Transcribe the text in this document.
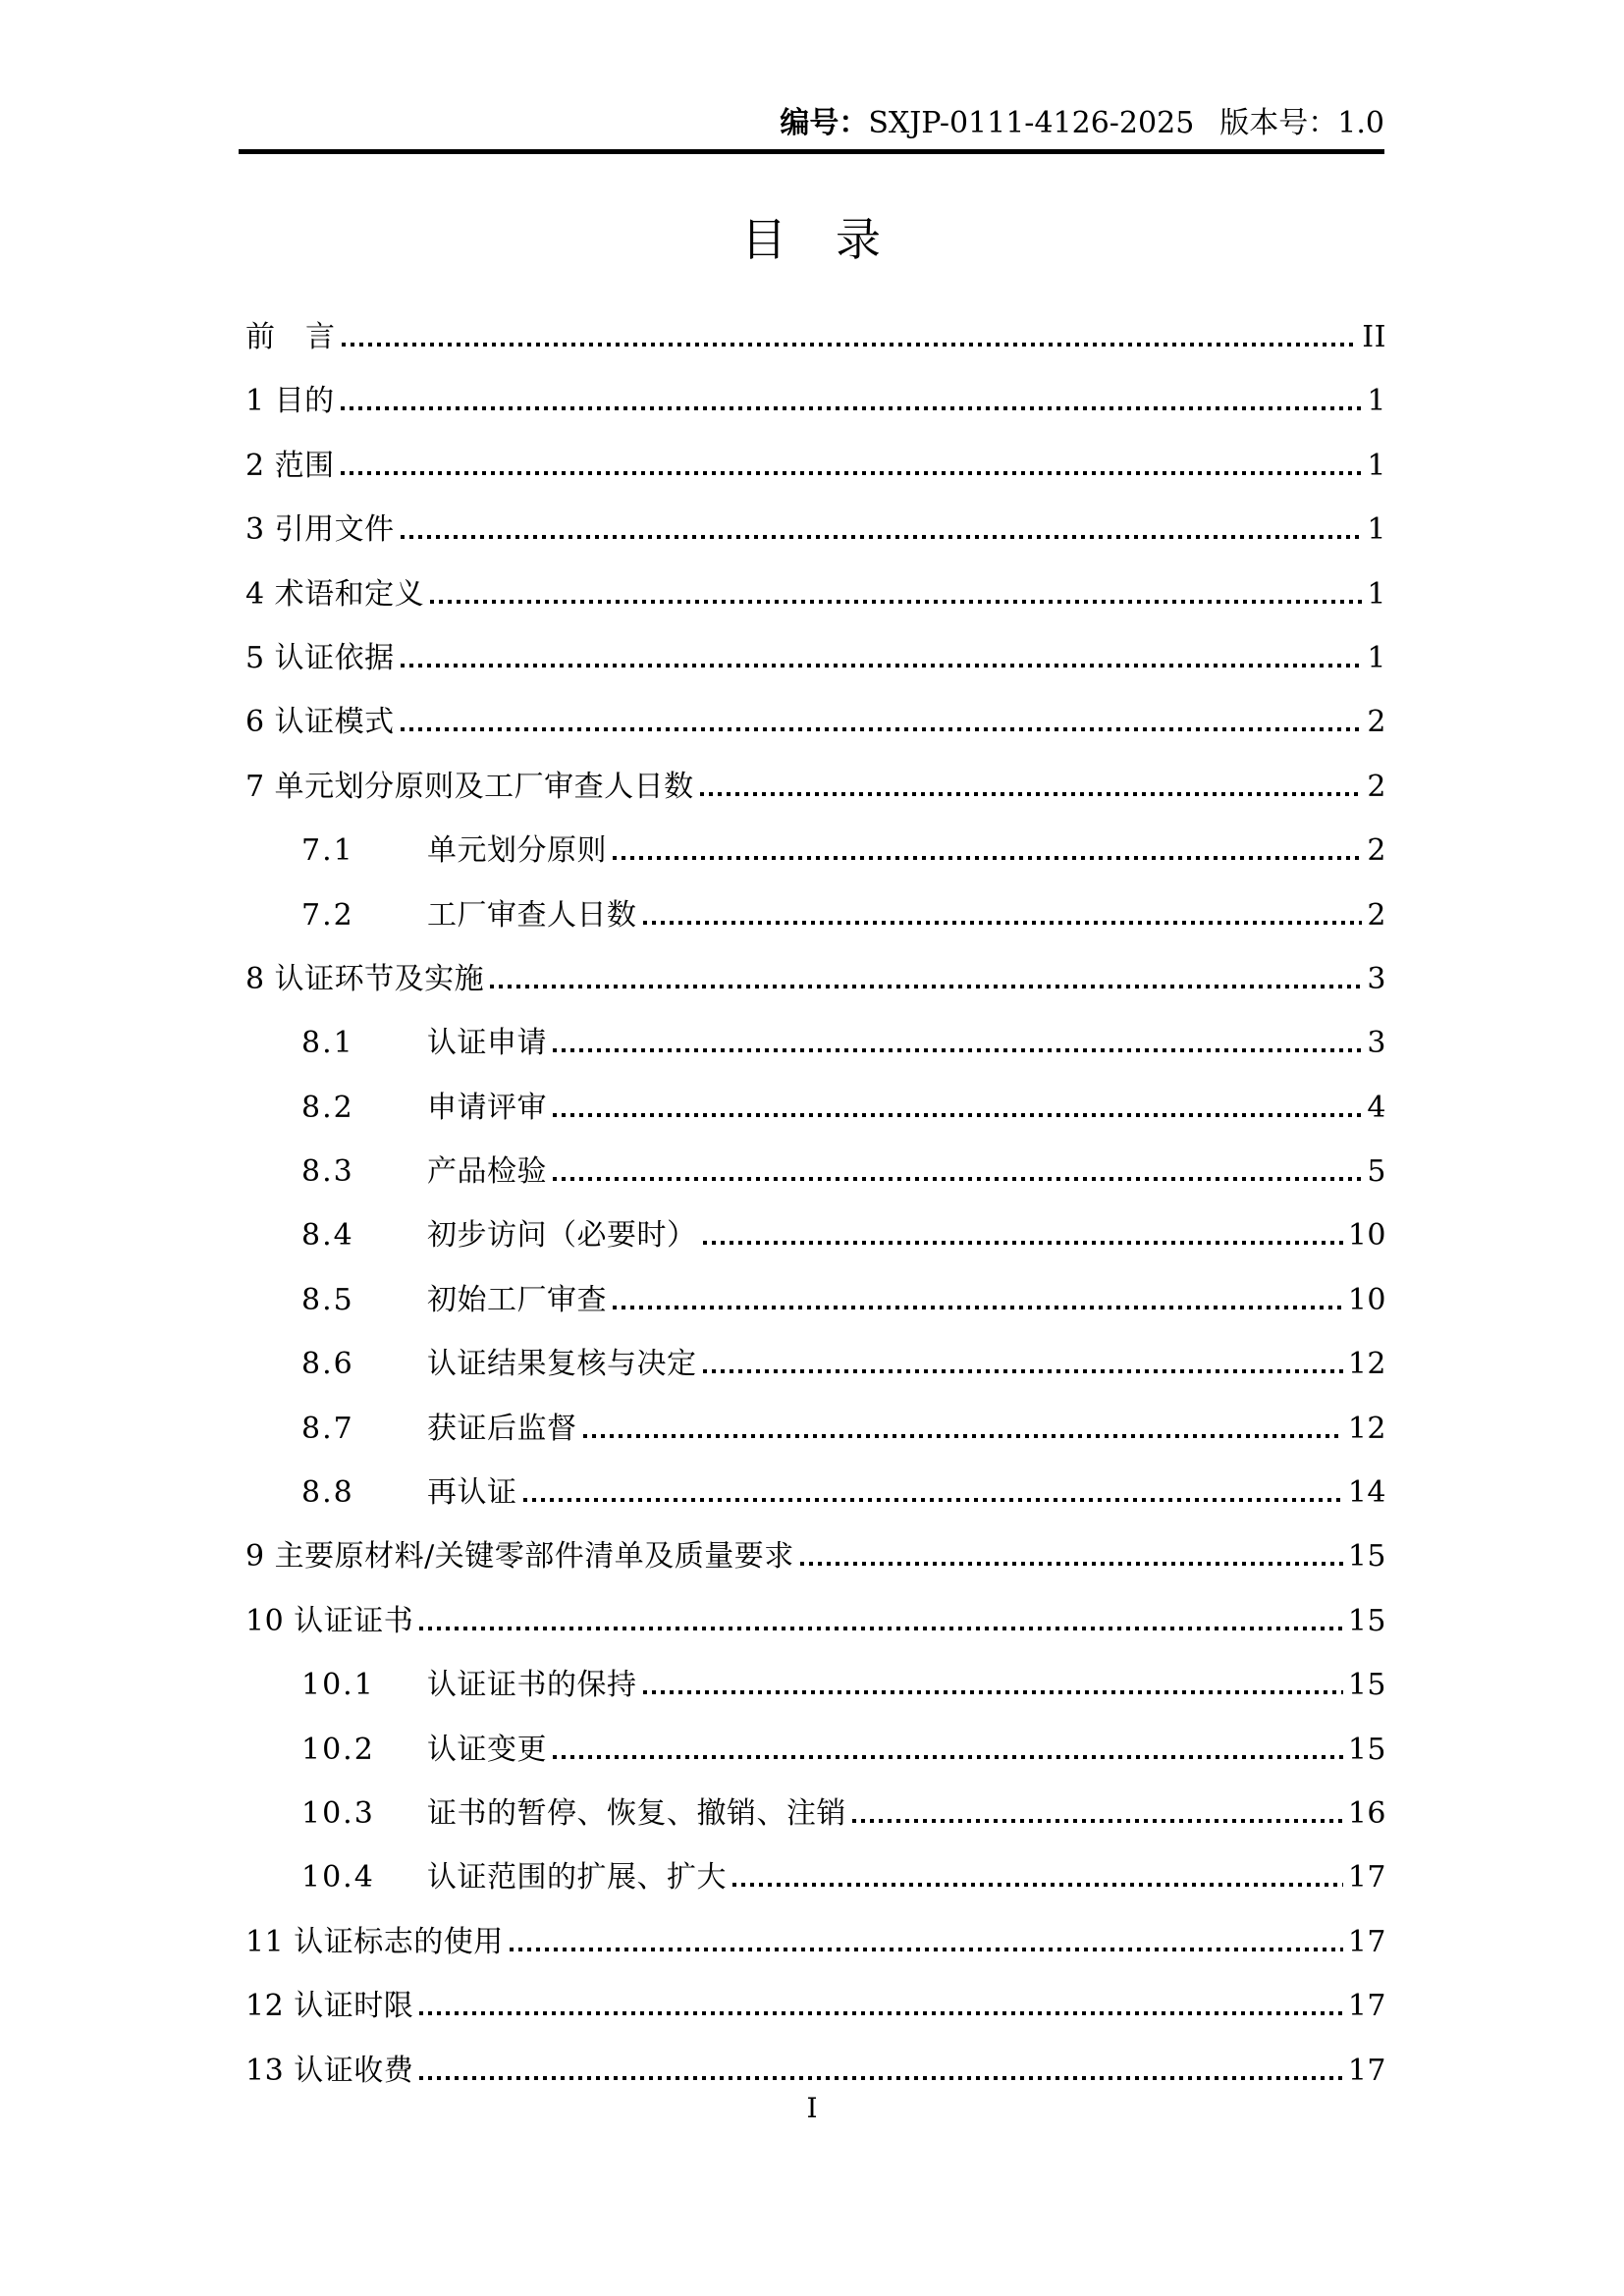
编号：SXJP-0111-4126-2025 版本号：1.0
目　录
前　言	II
1 目的	1
2 范围	1
3 引用文件	1
4 术语和定义	1
5 认证依据	1
6 认证模式	2
7 单元划分原则及工厂审查人日数	2
7.1	单元划分原则	2
7.2	工厂审查人日数	2
8 认证环节及实施	3
8.1	认证申请	3
8.2	申请评审	4
8.3	产品检验	5
8.4	初步访问（必要时）	10
8.5	初始工厂审查	10
8.6	认证结果复核与决定	12
8.7	获证后监督	12
8.8	再认证	14
9 主要原材料/关键零部件清单及质量要求	15
10 认证证书	15
10.1	认证证书的保持	15
10.2	认证变更	15
10.3	证书的暂停、恢复、撤销、注销	16
10.4	认证范围的扩展、扩大	17
11 认证标志的使用	17
12 认证时限	17
13 认证收费	17
I
